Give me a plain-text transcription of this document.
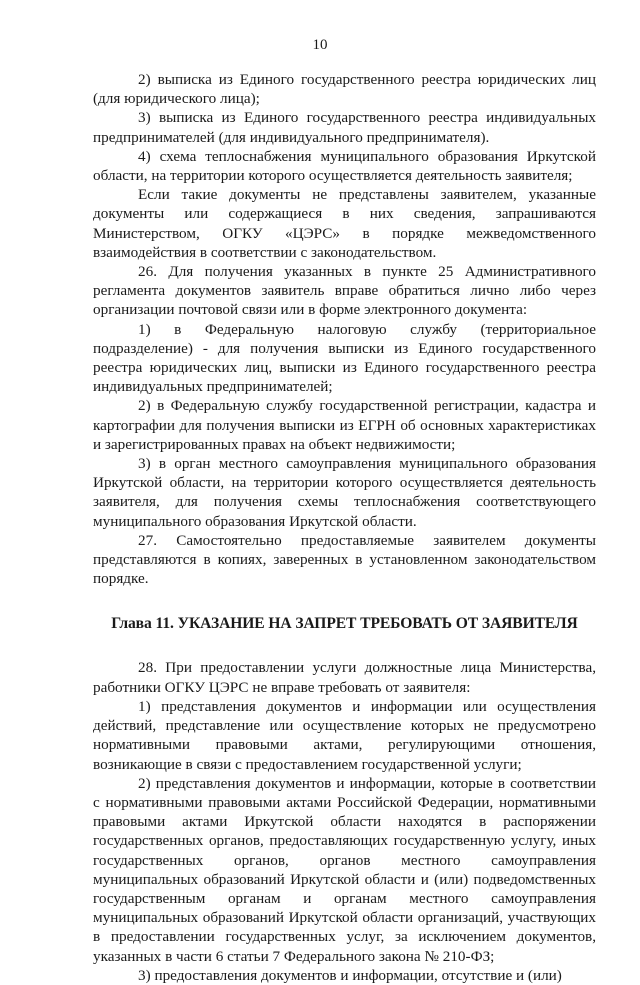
10

2) выписка из Единого государственного реестра юридических лиц (для юридического лица);

3) выписка из Единого государственного реестра индивидуальных предпринимателей (для индивидуального предпринимателя).

4) схема теплоснабжения муниципального образования Иркутской области, на территории которого осуществляется деятельность заявителя;

Если такие документы не представлены заявителем, указанные документы или содержащиеся в них сведения, запрашиваются Министерством, ОГКУ «ЦЭРС» в порядке межведомственного взаимодействия в соответствии с законодательством.

26. Для получения указанных в пункте 25 Административного регламента документов заявитель вправе обратиться лично либо через организации почтовой связи или в форме электронного документа:

1) в Федеральную налоговую службу (территориальное подразделение) - для получения выписки из Единого государственного реестра юридических лиц, выписки из Единого государственного реестра индивидуальных предпринимателей;

2) в Федеральную службу государственной регистрации, кадастра и картографии для получения выписки из ЕГРН об основных характеристиках и зарегистрированных правах на объект недвижимости;

3) в орган местного самоуправления муниципального образования Иркутской области, на территории которого осуществляется деятельность заявителя, для получения схемы теплоснабжения соответствующего муниципального образования Иркутской области.

27. Самостоятельно предоставляемые заявителем документы представляются в копиях, заверенных в установленном законодательством порядке.

Глава 11. УКАЗАНИЕ НА ЗАПРЕТ ТРЕБОВАТЬ ОТ ЗАЯВИТЕЛЯ

28. При предоставлении услуги должностные лица Министерства, работники ОГКУ ЦЭРС не вправе требовать от заявителя:

1) представления документов и информации или осуществления действий, представление или осуществление которых не предусмотрено нормативными правовыми актами, регулирующими отношения, возникающие в связи с предоставлением государственной услуги;

2) представления документов и информации, которые в соответствии с нормативными правовыми актами Российской Федерации, нормативными правовыми актами Иркутской области находятся в распоряжении государственных органов, предоставляющих государственную услугу, иных государственных органов, органов местного самоуправления муниципальных образований Иркутской области и (или) подведомственных государственным органам и органам местного самоуправления муниципальных образований Иркутской области организаций, участвующих в предоставлении государственных услуг, за исключением документов, указанных в части 6 статьи 7 Федерального закона № 210-ФЗ;

3) предоставления документов и информации, отсутствие и (или)
